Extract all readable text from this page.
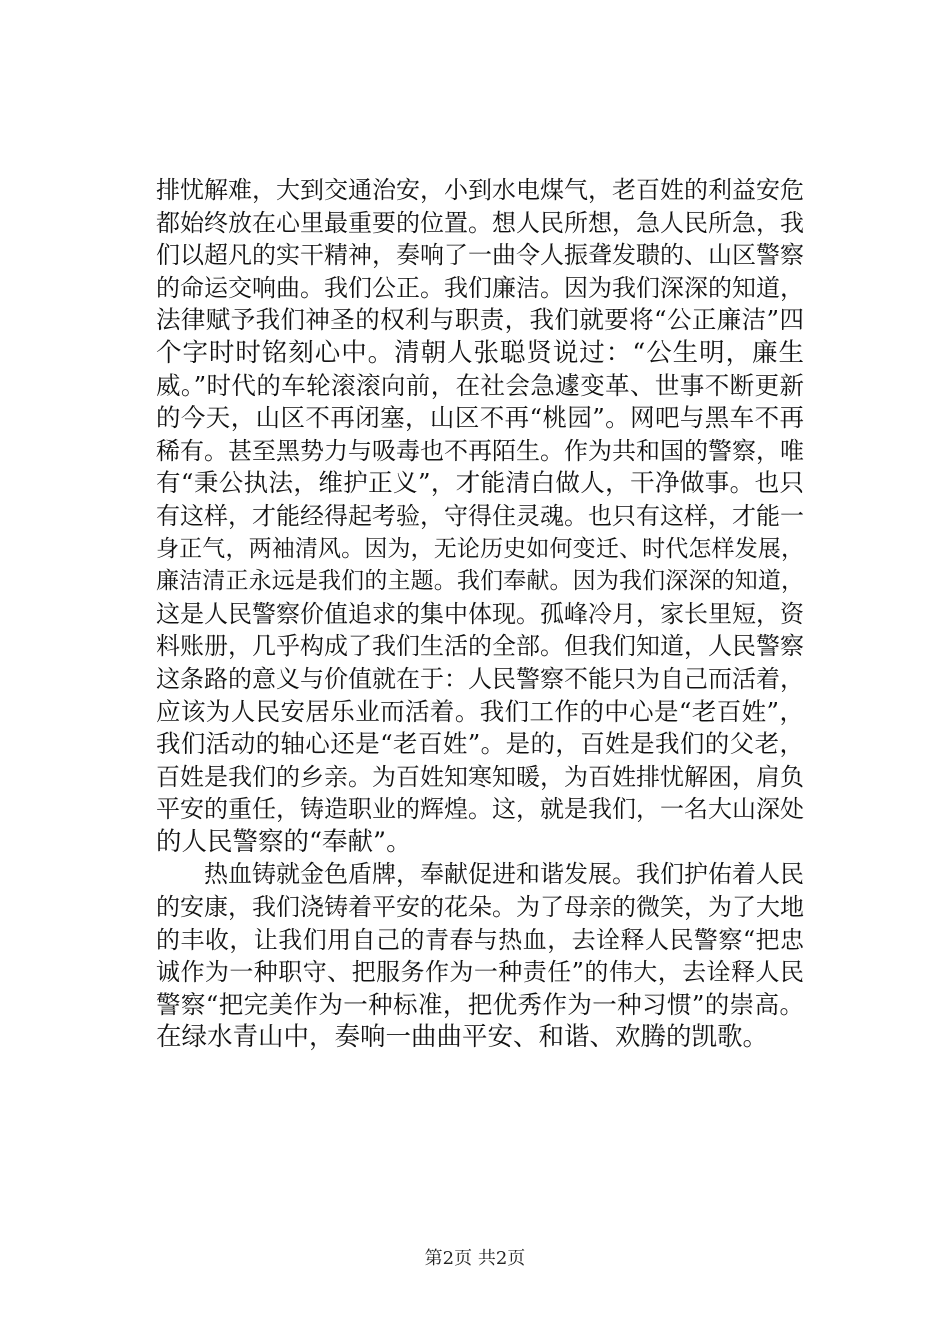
排忧解难，大到交通治安，小到水电煤气，老百姓的利益安危
都始终放在心里最重要的位置。想人民所想，急人民所急，我
们以超凡的实干精神，奏响了一曲令人振聋发聩的、山区警察
的命运交响曲。我们公正。我们廉洁。因为我们深深的知道，
法律赋予我们神圣的权利与职责，我们就要将“公正廉洁”四
个字时时铭刻心中。清朝人张聪贤说过：“公生明，廉生
威。”时代的车轮滚滚向前，在社会急遽变革、世事不断更新
的今天，山区不再闭塞，山区不再“桃园”。网吧与黑车不再
稀有。甚至黑势力与吸毒也不再陌生。作为共和国的警察，唯
有“秉公执法，维护正义”，才能清白做人，干净做事。也只
有这样，才能经得起考验，守得住灵魂。也只有这样，才能一
身正气，两袖清风。因为，无论历史如何变迁、时代怎样发展，
廉洁清正永远是我们的主题。我们奉献。因为我们深深的知道，
这是人民警察价值追求的集中体现。孤峰冷月，家长里短，资
料账册，几乎构成了我们生活的全部。但我们知道，人民警察
这条路的意义与价值就在于：人民警察不能只为自己而活着，
应该为人民安居乐业而活着。我们工作的中心是“老百姓”，
我们活动的轴心还是“老百姓”。是的，百姓是我们的父老，
百姓是我们的乡亲。为百姓知寒知暖，为百姓排忧解困，肩负
平安的重任，铸造职业的辉煌。这，就是我们，一名大山深处
的人民警察的“奉献”。
　　热血铸就金色盾牌，奉献促进和谐发展。我们护佑着人民
的安康，我们浇铸着平安的花朵。为了母亲的微笑，为了大地
的丰收，让我们用自己的青春与热血，去诠释人民警察“把忠
诚作为一种职守、把服务作为一种责任”的伟大，去诠释人民
警察“把完美作为一种标准，把优秀作为一种习惯”的崇高。
在绿水青山中，奏响一曲曲平安、和谐、欢腾的凯歌。
第2页 共2页
